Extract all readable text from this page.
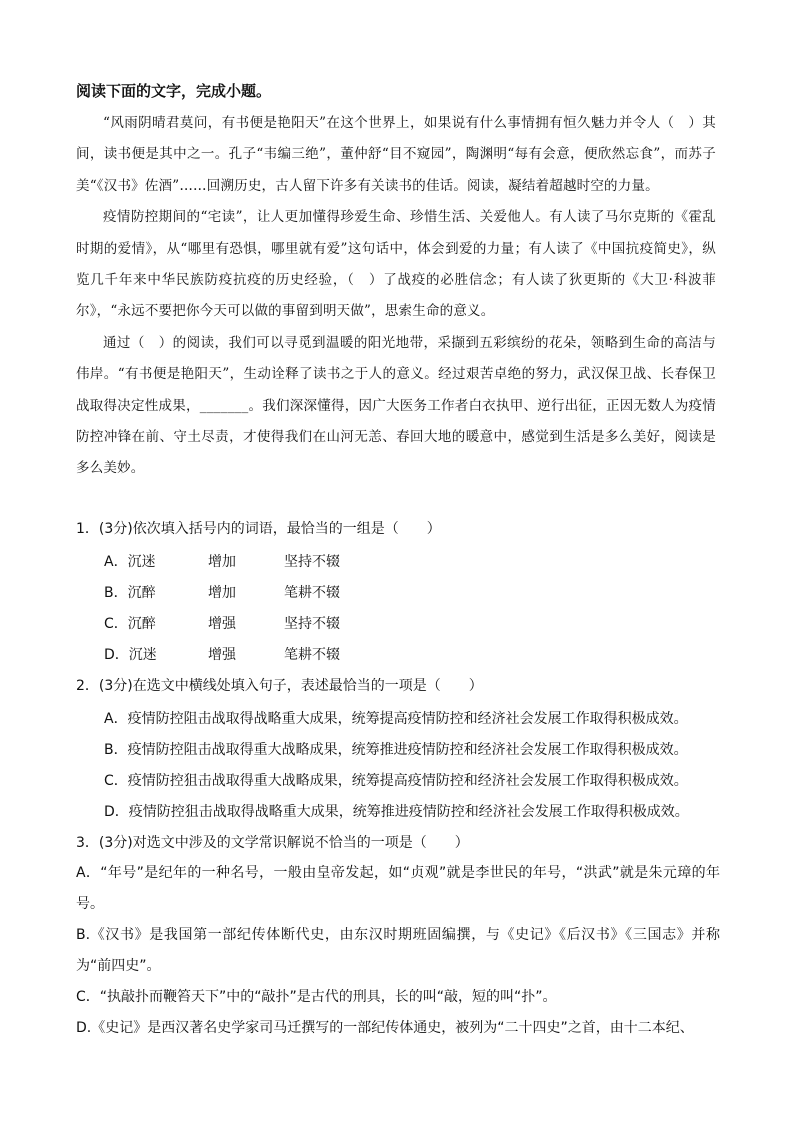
阅读下面的文字，完成小题。

“风雨阴晴君莫问，有书便是艳阳天”在这个世界上，如果说有什么事情拥有恒久魅力并令人（　）其间，读书便是其中之一。孔子“韦编三绝”，董仲舒“目不窥园”，陶渊明“每有会意，便欣然忘食”，而苏子美“《汉书》佐酒”……回溯历史，古人留下许多有关读书的佳话。阅读，凝结着超越时空的力量。

疫情防控期间的“宅读”，让人更加懂得珍爱生命、珍惜生活、关爱他人。有人读了马尔克斯的《霍乱时期的爱情》，从“哪里有恐惧，哪里就有爱”这句话中，体会到爱的力量；有人读了《中国抗疫简史》，纵览几千年来中华民族防疫抗疫的历史经验，（　）了战疫的必胜信念；有人读了狄更斯的《大卫·科波菲尔》，“永远不要把你今天可以做的事留到明天做”，思索生命的意义。

通过（　）的阅读，我们可以寻觅到温暖的阳光地带，采撷到五彩缤纷的花朵，领略到生命的高洁与伟岸。“有书便是艳阳天”，生动诠释了读书之于人的意义。经过艰苦卓绝的努力，武汉保卫战、长春保卫战取得决定性成果，_______。我们深深懂得，因广大医务工作者白衣执甲、逆行出征，正因无数人为疫情防控冲锋在前、守土尽责，才使得我们在山河无恙、春回大地的暖意中，感觉到生活是多么美好，阅读是多么美妙。

1．(3分)依次填入括号内的词语，最恰当的一组是（　　）
A．沉迷	增加	坚持不辍
B．沉醉	增加	笔耕不辍
C．沉醉	增强	坚持不辍
D．沉迷	增强	笔耕不辍
2．(3分)在选文中横线处填入句子，表述最恰当的一项是（　　）
A．疫情防控阻击战取得战略重大成果，统筹提高疫情防控和经济社会发展工作取得积极成效。
B．疫情防控阻击战取得重大战略成果，统筹推进疫情防控和经济社会发展工作取得积极成效。
C．疫情防控狙击战取得重大战略成果，统筹提高疫情防控和经济社会发展工作取得积极成效。
D．疫情防控狙击战取得战略重大成果，统筹推进疫情防控和经济社会发展工作取得积极成效。
3．(3分)对选文中涉及的文学常识解说不恰当的一项是（　　）
A．“年号”是纪年的一种名号，一般由皇帝发起，如“贞观”就是李世民的年号，“洪武”就是朱元璋的年号。
B.《汉书》是我国第一部纪传体断代史，由东汉时期班固编撰，与《史记》《后汉书》《三国志》并称为“前四史”。
C．“执敲扑而鞭笞天下”中的“敲扑”是古代的刑具，长的叫“敲，短的叫“扑”。
D.《史记》是西汉著名史学家司马迁撰写的一部纪传体通史，被列为“二十四史”之首，由十二本纪、
